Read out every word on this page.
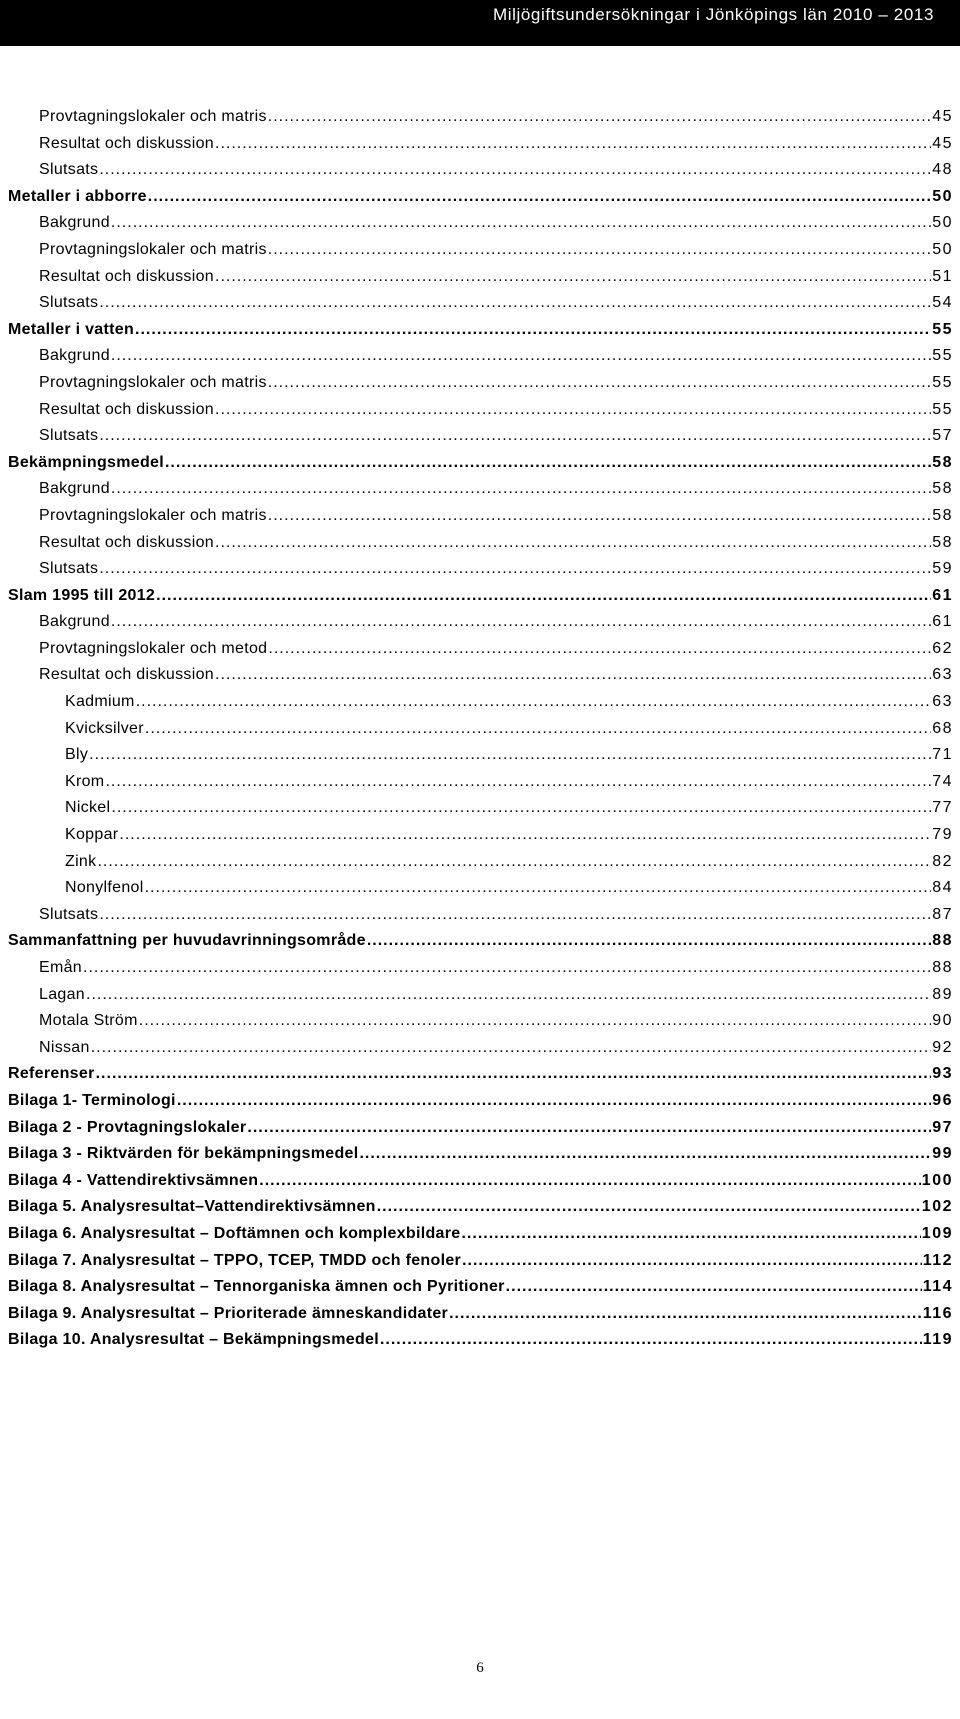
Miljögiftsundersökningar i Jönköpings län 2010 – 2013
Provtagningslokaler och matris .....	45
Resultat och diskussion .....	45
Slutsats .....	48
Metaller i abborre .....	50
Bakgrund .....	50
Provtagningslokaler och matris .....	50
Resultat och diskussion .....	51
Slutsats .....	54
Metaller i vatten .....	55
Bakgrund .....	55
Provtagningslokaler och matris .....	55
Resultat och diskussion .....	55
Slutsats .....	57
Bekämpningsmedel .....	58
Bakgrund .....	58
Provtagningslokaler och matris .....	58
Resultat och diskussion .....	58
Slutsats .....	59
Slam 1995 till 2012 .....	61
Bakgrund .....	61
Provtagningslokaler och metod .....	62
Resultat och diskussion .....	63
Kadmium .....	63
Kvicksilver .....	68
Bly .....	71
Krom .....	74
Nickel .....	77
Koppar .....	79
Zink .....	82
Nonylfenol .....	84
Slutsats .....	87
Sammanfattning per huvudavrinningsområde .....	88
Emån .....	88
Lagan .....	89
Motala Ström .....	90
Nissan .....	92
Referenser .....	93
Bilaga 1- Terminologi .....	96
Bilaga 2 - Provtagningslokaler .....	97
Bilaga 3 - Riktvärden för bekämpningsmedel .....	99
Bilaga 4 - Vattendirektivsämnen .....	100
Bilaga 5. Analysresultat–Vattendirektivsämnen .....	102
Bilaga 6. Analysresultat – Doftämnen och komplexbildare .....	109
Bilaga 7. Analysresultat – TPPO, TCEP, TMDD och fenoler .....	112
Bilaga 8. Analysresultat – Tennorganiska ämnen och Pyritioner .....	114
Bilaga 9. Analysresultat – Prioriterade ämneskandidater .....	116
Bilaga 10. Analysresultat – Bekämpningsmedel .....	119
6
